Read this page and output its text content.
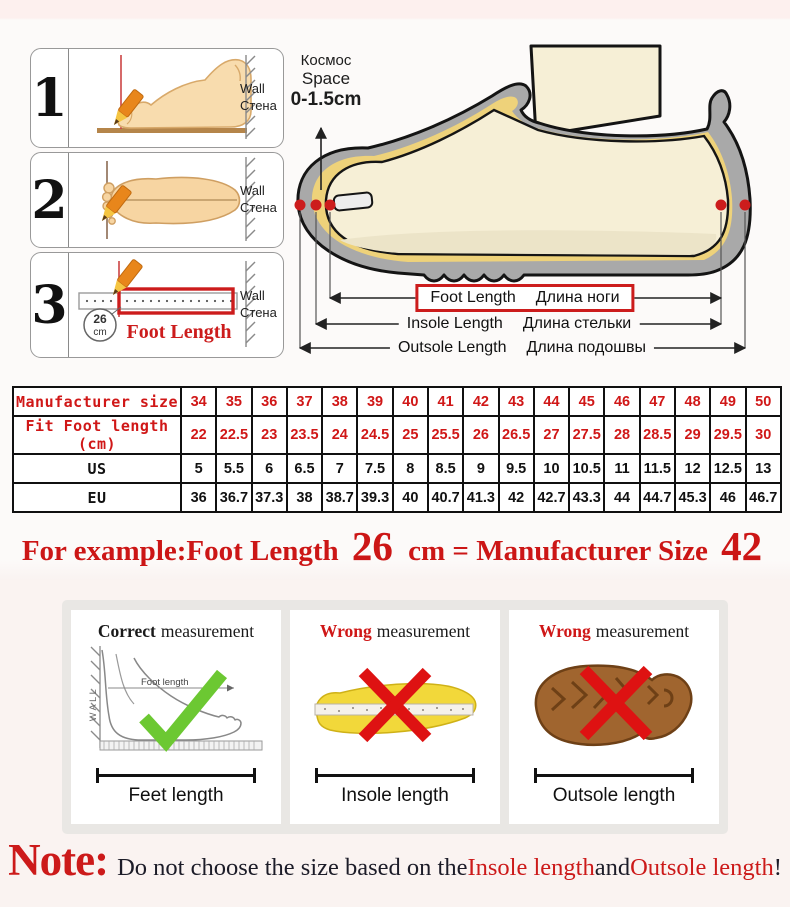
1	Wall
Стена
2	Wall
Стена
3 26
cm Foot Length
Wall
Стена
Космос
Space
0-1.5cm
Foot Length Длина ноги
Insole Length Длина стельки
Outsole Length Длина подошвы
Manufacturer size	34	35	36	37	38	39	40	41	42	43	44	45	46	47	48	49	50
Fit Foot length (cm)	22	22.5	23	23.5	24	24.5	25	25.5	26	26.5	27	27.5	28	28.5	29	29.5	30
US	5	5.5	6	6.5	7	7.5	8	8.5	9	9.5	10	10.5	11	11.5	12	12.5	13
EU	36	36.7	37.3	38	38.7	39.3	40	40.7	41.3	42	42.7	43.3	44	44.7	45.3	46	46.7
For example:Foot Length 26 cm = Manufacturer Size 42
Correct measurement
WALL
Foot length
Feet length
Wrong measurement
Insole length
Wrong measurement
Outsole length
Note: Do not choose the size based on the Insole length and Outsole length !
